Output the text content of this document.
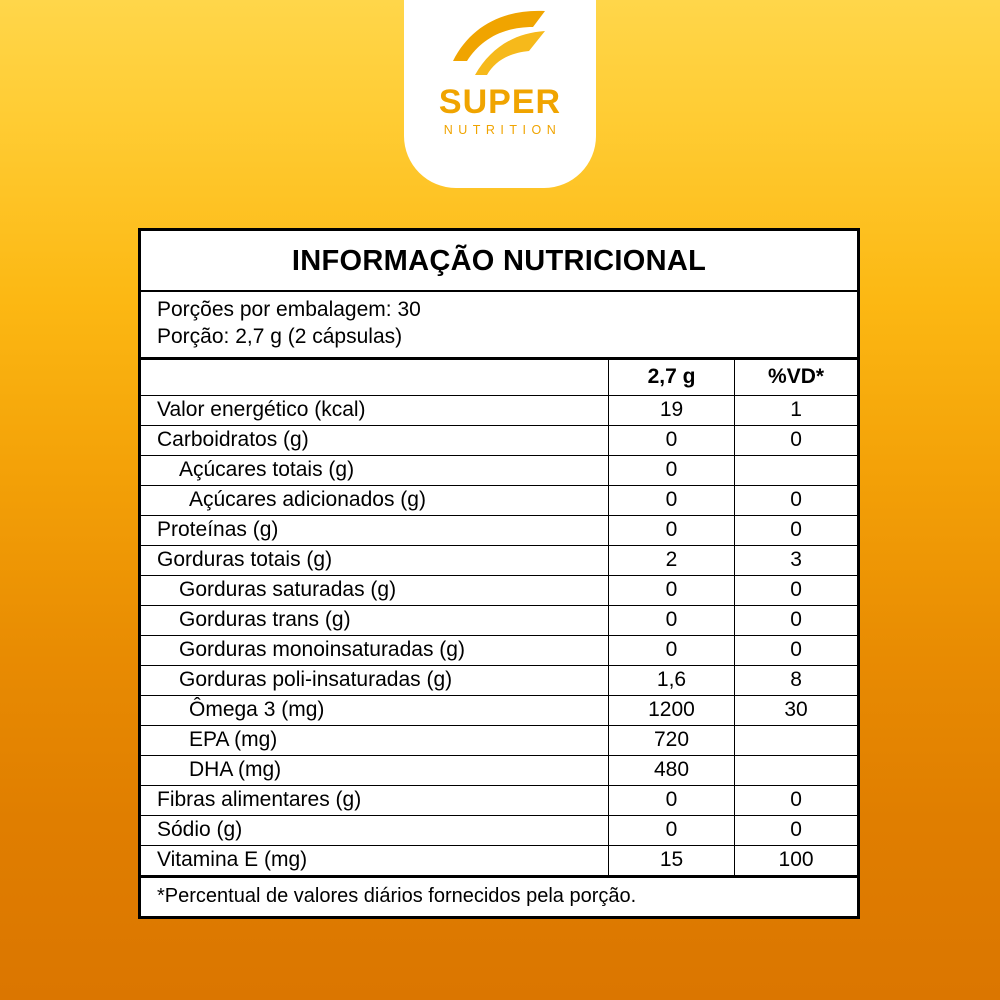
SUPER
NUTRITION
INFORMAÇÃO NUTRICIONAL
Porções por embalagem: 30
Porção: 2,7 g (2 cápsulas)
	2,7 g	%VD*
Valor energético (kcal)	19	1
Carboidratos (g)	0	0
Açúcares totais (g)	0	
Açúcares adicionados (g)	0	0
Proteínas (g)	0	0
Gorduras totais (g)	2	3
Gorduras saturadas (g)	0	0
Gorduras trans (g)	0	0
Gorduras monoinsaturadas (g)	0	0
Gorduras poli-insaturadas (g)	1,6	8
Ômega 3 (mg)	1200	30
EPA (mg)	720	
DHA (mg)	480	
Fibras alimentares (g)	0	0
Sódio (g)	0	0
Vitamina E (mg)	15	100
*Percentual de valores diários fornecidos pela porção.
